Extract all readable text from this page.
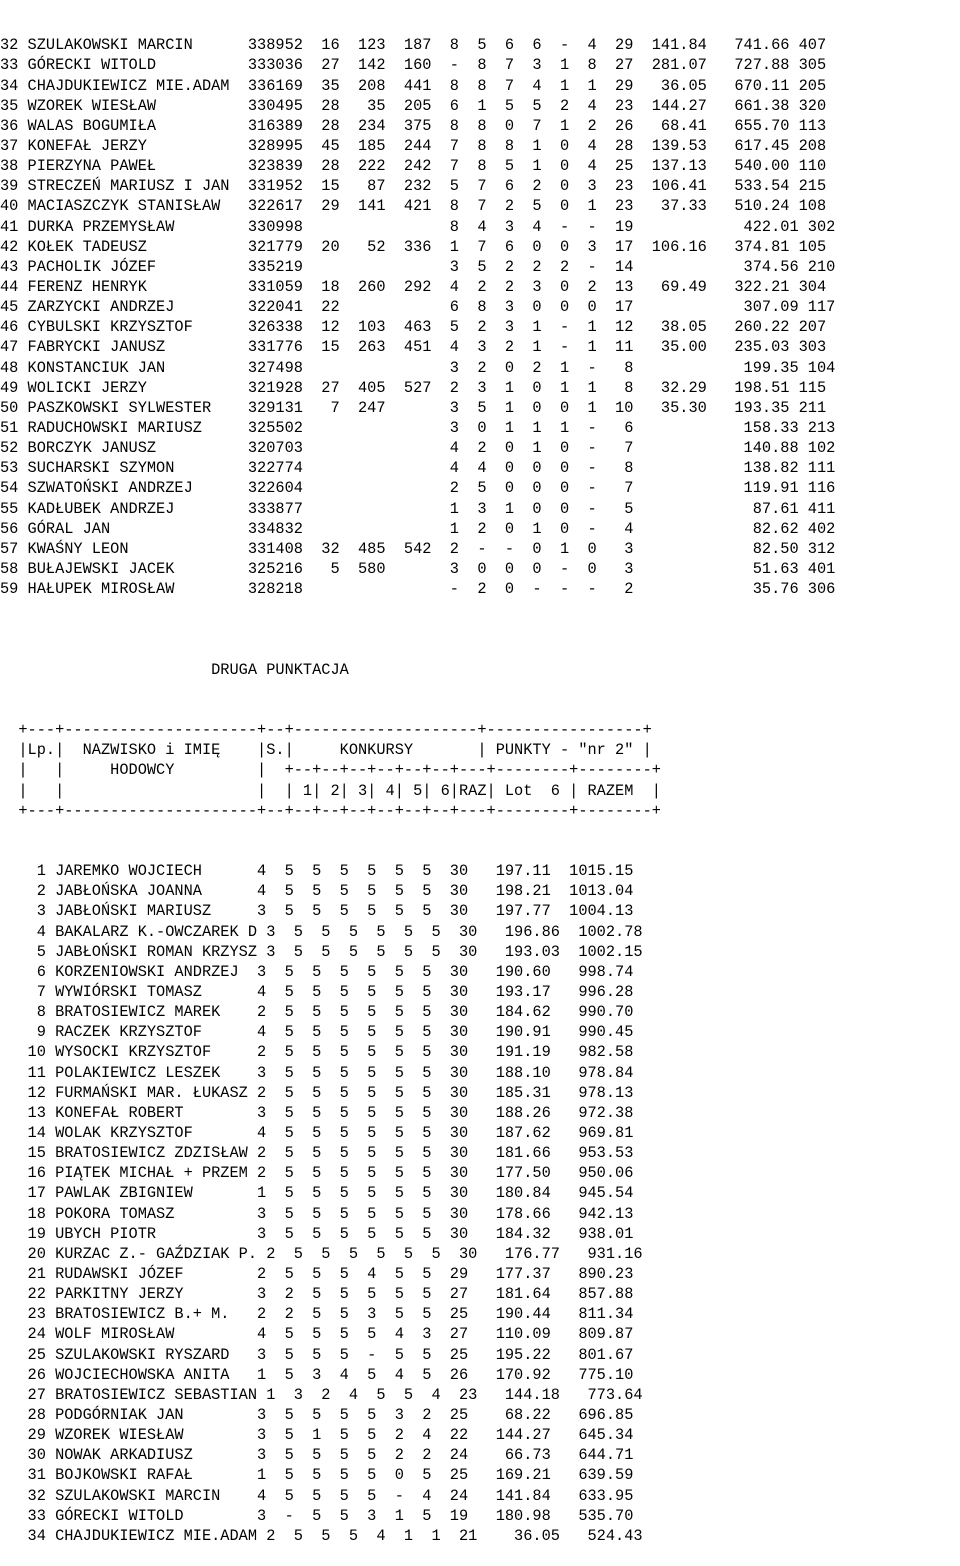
32 SZULAKOWSKI MARCIN      338952  16  123  187  8  5  6  6  -  4  29  141.84   741.66 407
33 GÓRECKI WITOLD          333036  27  142  160  -  8  7  3  1  8  27  281.07   727.88 305
34 CHAJDUKIEWICZ MIE.ADAM  336169  35  208  441  8  8  7  4  1  1  29   36.05   670.11 205
35 WZOREK WIESŁAW          330495  28   35  205  6  1  5  5  2  4  23  144.27   661.38 320
36 WALAS BOGUMIŁA          316389  28  234  375  8  8  0  7  1  2  26   68.41   655.70 113
37 KONEFAŁ JERZY           328995  45  185  244  7  8  8  1  0  4  28  139.53   617.45 208
38 PIERZYNA PAWEŁ          323839  28  222  242  7  8  5  1  0  4  25  137.13   540.00 110
39 STRECZEŃ MARIUSZ I JAN  331952  15   87  232  5  7  6  2  0  3  23  106.41   533.54 215
40 MACIASZCZYK STANISŁAW   322617  29  141  421  8  7  2  5  0  1  23   37.33   510.24 108
41 DURKA PRZEMYSŁAW        330998                8  4  3  4  -  -  19            422.01 302
42 KOŁEK TADEUSZ           321779  20   52  336  1  7  6  0  0  3  17  106.16   374.81 105
43 PACHOLIK JÓZEF          335219                3  5  2  2  2  -  14            374.56 210
44 FERENZ HENRYK           331059  18  260  292  4  2  2  3  0  2  13   69.49   322.21 304
45 ZARZYCKI ANDRZEJ        322041  22            6  8  3  0  0  0  17            307.09 117
46 CYBULSKI KRZYSZTOF      326338  12  103  463  5  2  3  1  -  1  12   38.05   260.22 207
47 FABRYCKI JANUSZ         331776  15  263  451  4  3  2  1  -  1  11   35.00   235.03 303
48 KONSTANCIUK JAN         327498                3  2  0  2  1  -   8            199.35 104
49 WOLICKI JERZY           321928  27  405  527  2  3  1  0  1  1   8   32.29   198.51 115
50 PASZKOWSKI SYLWESTER    329131   7  247       3  5  1  0  0  1  10   35.30   193.35 211
51 RADUCHOWSKI MARIUSZ     325502                3  0  1  1  1  -   6            158.33 213
52 BORCZYK JANUSZ          320703                4  2  0  1  0  -   7            140.88 102
53 SUCHARSKI SZYMON        322774                4  4  0  0  0  -   8            138.82 111
54 SZWATOŃSKI ANDRZEJ      322604                2  5  0  0  0  -   7            119.91 116
55 KADŁUBEK ANDRZEJ        333877                1  3  1  0  0  -   5             87.61 411
56 GÓRAL JAN               334832                1  2  0  1  0  -   4             82.62 402
57 KWAŚNY LEON             331408  32  485  542  2  -  -  0  1  0   3             82.50 312
58 BUŁAJEWSKI JACEK        325216   5  580       3  0  0  0  -  0   3             51.63 401
59 HAŁUPEK MIROSŁAW        328218                -  2  0  -  -  -   2             35.76 306

DRUGA PUNKTACJA

+---+---------------------+--+--------------------+-----------------+
|Lp.|  NAZWISKO i IMIĘ    |S.|     KONKURSY       | PUNKTY - "nr 2" |
|   |     HODOWCY         |  +--+--+--+--+--+--+---+--------+--------+
|   |                     |  | 1| 2| 3| 4| 5| 6|RAZ| Lot  6 | RAZEM  |
+---+---------------------+--+--+--+--+--+--+--+---+--------+--------+

1 JAREMKO WOJCIECH      4  5  5  5  5  5  5  30   197.11  1015.15
2 JABŁOŃSKA JOANNA      4  5  5  5  5  5  5  30   198.21  1013.04
3 JABŁOŃSKI MARIUSZ     3  5  5  5  5  5  5  30   197.77  1004.13
4 BAKALARZ K.-OWCZAREK D 3  5  5  5  5  5  5  30   196.86  1002.78
5 JABŁOŃSKI ROMAN KRZYSZ 3  5  5  5  5  5  5  30   193.03  1002.15
6 KORZENIOWSKI ANDRZEJ  3  5  5  5  5  5  5  30   190.60   998.74
7 WYWIÓRSKI TOMASZ      4  5  5  5  5  5  5  30   193.17   996.28
8 BRATOSIEWICZ MAREK    2  5  5  5  5  5  5  30   184.62   990.70
9 RACZEK KRZYSZTOF      4  5  5  5  5  5  5  30   190.91   990.45
10 WYSOCKI KRZYSZTOF     2  5  5  5  5  5  5  30   191.19   982.58
11 POLAKIEWICZ LESZEK    3  5  5  5  5  5  5  30   188.10   978.84
12 FURMAŃSKI MAR. ŁUKASZ 2  5  5  5  5  5  5  30   185.31   978.13
13 KONEFAŁ ROBERT        3  5  5  5  5  5  5  30   188.26   972.38
14 WOLAK KRZYSZTOF       4  5  5  5  5  5  5  30   187.62   969.81
15 BRATOSIEWICZ ZDZISŁAW 2  5  5  5  5  5  5  30   181.66   953.53
16 PIĄTEK MICHAŁ + PRZEM 2  5  5  5  5  5  5  30   177.50   950.06
17 PAWLAK ZBIGNIEW       1  5  5  5  5  5  5  30   180.84   945.54
18 POKORA TOMASZ         3  5  5  5  5  5  5  30   178.66   942.13
19 UBYCH PIOTR           3  5  5  5  5  5  5  30   184.32   938.01
20 KURZAC Z.- GAŹDZIAK P. 2  5  5  5  5  5  5  30   176.77   931.16
21 RUDAWSKI JÓZEF        2  5  5  5  4  5  5  29   177.37   890.23
22 PARKITNY JERZY        3  2  5  5  5  5  5  27   181.64   857.88
23 BRATOSIEWICZ B.+ M.   2  2  5  5  3  5  5  25   190.44   811.34
24 WOLF MIROSŁAW         4  5  5  5  5  4  3  27   110.09   809.87
25 SZULAKOWSKI RYSZARD   3  5  5  5  -  5  5  25   195.22   801.67
26 WOJCIECHOWSKA ANITA   1  5  3  4  5  4  5  26   170.92   775.10
27 BRATOSIEWICZ SEBASTIAN 1  3  2  4  5  5  4  23   144.18   773.64
28 PODGÓRNIAK JAN        3  5  5  5  5  3  2  25    68.22   696.85
29 WZOREK WIESŁAW        3  5  1  5  5  2  4  22   144.27   645.34
30 NOWAK ARKADIUSZ       3  5  5  5  5  2  2  24    66.73   644.71
31 BOJKOWSKI RAFAŁ       1  5  5  5  5  0  5  25   169.21   639.59
32 SZULAKOWSKI MARCIN    4  5  5  5  5  -  4  24   141.84   633.95
33 GÓRECKI WITOLD        3  -  5  5  3  1  5  19   180.98   535.70
34 CHAJDUKIEWICZ MIE.ADAM 2  5  5  5  4  1  1  21    36.05   524.43
